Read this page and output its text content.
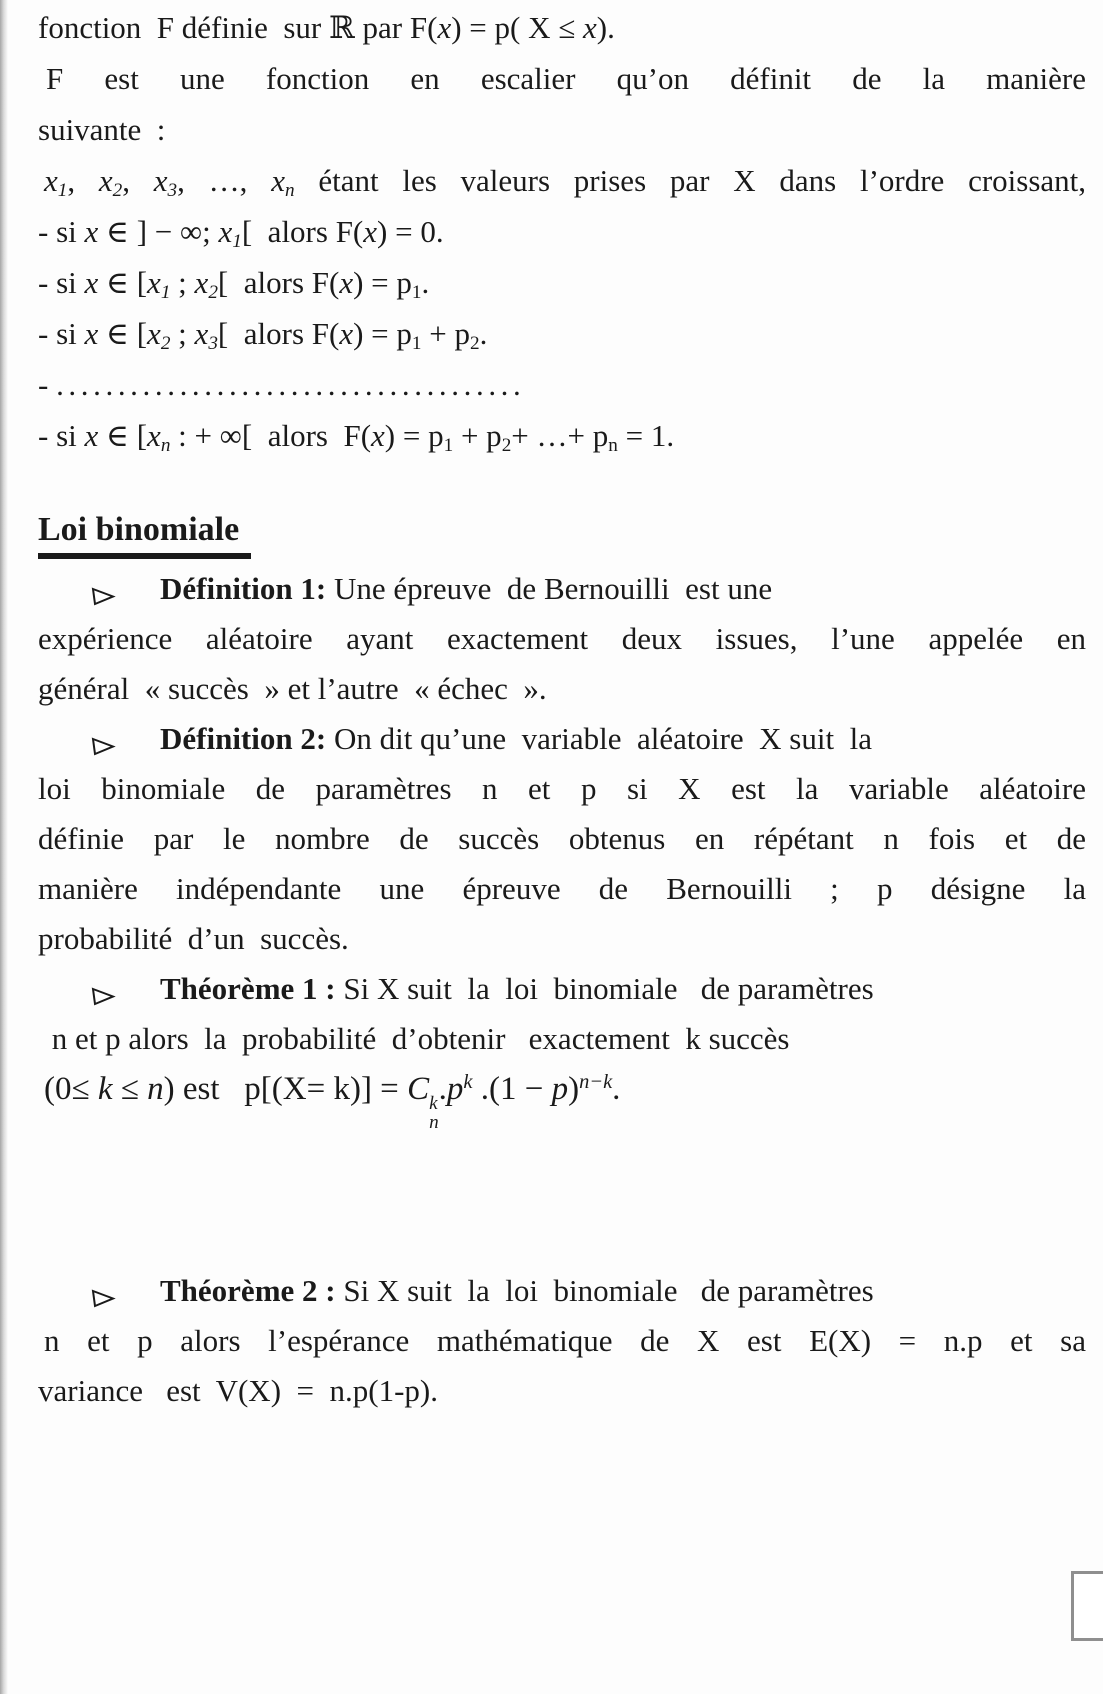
Loi binomiale
fonction  F définie  sur ℝ par F(x) = p( X ≤ x).
F est une fonction en escalier qu’on définit de la manière
suivante  :
x1, x2, x3, …, xn étant les valeurs prises par X dans l’ordre croissant,
- si x ∈ ] − ∞; x1[  alors F(x) = 0.
- si x ∈ [x1 ; x2[  alors F(x) = p1.
- si x ∈ [x2 ; x3[  alors F(x) = p1 + p2.
- ......................................
- si x ∈ [xn : + ∞[  alors  F(x) = p1 + p2+ …+ pn = 1.
Définition 1: Une épreuve  de Bernouilli  est une
expérience aléatoire ayant exactement deux issues, l’une appelée en
général  « succès  » et l’autre  « échec  ».
Définition 2: On dit qu’une  variable  aléatoire  X suit  la
loi binomiale de paramètres n et p si X est la variable aléatoire
définie par le nombre de succès obtenus en répétant n fois et de
manière indépendante une épreuve de Bernouilli ; p désigne la
probabilité  d’un  succès.
Théorème 1 : Si X suit  la  loi  binomiale   de paramètres
n et p alors  la  probabilité  d’obtenir   exactement  k succès
(0≤ k ≤ n) est   p[(X= k)] = C k
n
$.p^k$ $.(1 - p)^{n-k}$.
Théorème 2 : Si X suit  la  loi  binomiale   de paramètres
n et p alors l’espérance mathématique de X est E(X) = n.p et sa
variance   est  V(X)  =  n.p(1-p).
